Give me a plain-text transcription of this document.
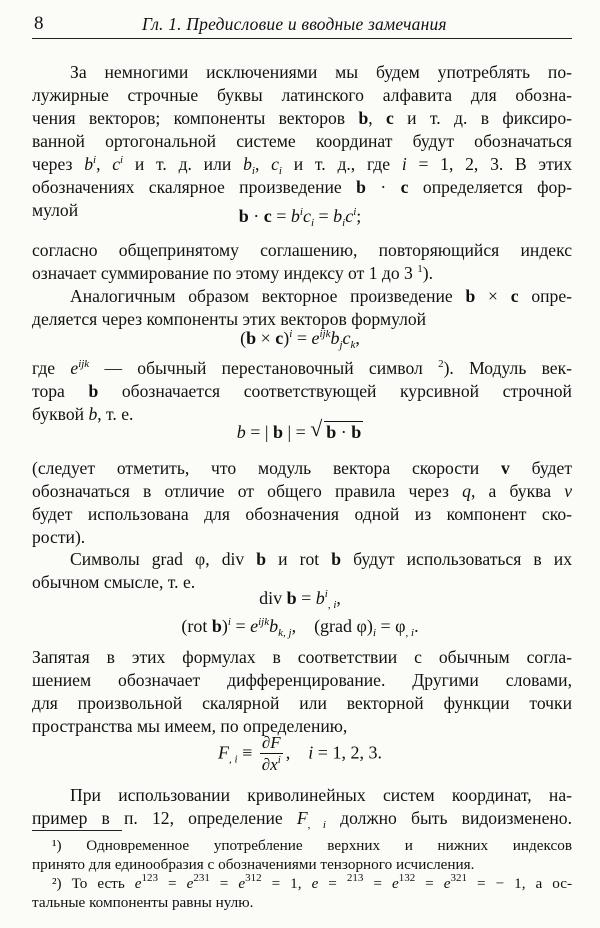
8	Гл. 1. Предисловие и вводные замечания
За немногими исключениями мы будем употреблять по-
лужирные строчные буквы латинского алфавита для обозна-
чения векторов; компоненты векторов b, c и т. д. в фиксиро-
ванной ортогональной системе координат будут обозначаться
через $b^i$, $c^i$ и т. д. или $b_i$, $c_i$ и т. д., где i = 1, 2, 3. В этих
обозначениях скалярное произведение b · c определяется фор-
мулой	$b \cdot c = b^ic_i = b_ic^i$;
согласно общепринятому соглашению, повторяющийся индекс
означает суммирование по этому индексу от 1 до 3 $^1$).
Аналогичным образом векторное произведение b × c опре-
деляется через компоненты этих векторов формулой
$(b \times c)^i = e^{ijk}b_jc_k$,
где $e^{ijk}$ — обычный перестановочный символ $^2$). Модуль век-
тора b обозначается соответствующей курсивной строчной
буквой b, т. е.
b = | b | = √ b · b
(следует отметить, что модуль вектора скорости v будет
обозначаться в отличие от общего правила через q, а буква v
будет использована для обозначения одной из компонент ско-
рости).
Символы grad φ, div b и rot b будут использоваться в их
обычном смысле, т. е.
div $b = b^i_{, i}$,
(rot $b)^i = e^{ijk}b_{k, j}$,    (grad $\varphi)_i = \varphi_{, i}$.
Запятая в этих формулах в соответствии с обычным согла-
шением обозначает дифференцирование. Другими словами,
для произвольной скалярной или векторной функции точки
пространства мы имеем, по определению,
$F_{, i} \equiv \frac{\partial F}{\partial x^i}$ ,    i = 1, 2, 3.
При использовании криволинейных систем координат, на-
пример в п. 12, определение $F_{, i}$ должно быть видоизменено.
¹) Одновременное употребление верхних и нижних индексов
принято для единообразия с обозначениями тензорного исчисления.
²) То есть $e^{123} = e^{231} = e^{312} = 1$, $e = ^{213} = e^{132} = e^{321}$ = − 1, а ос-
тальные компоненты равны нулю.
